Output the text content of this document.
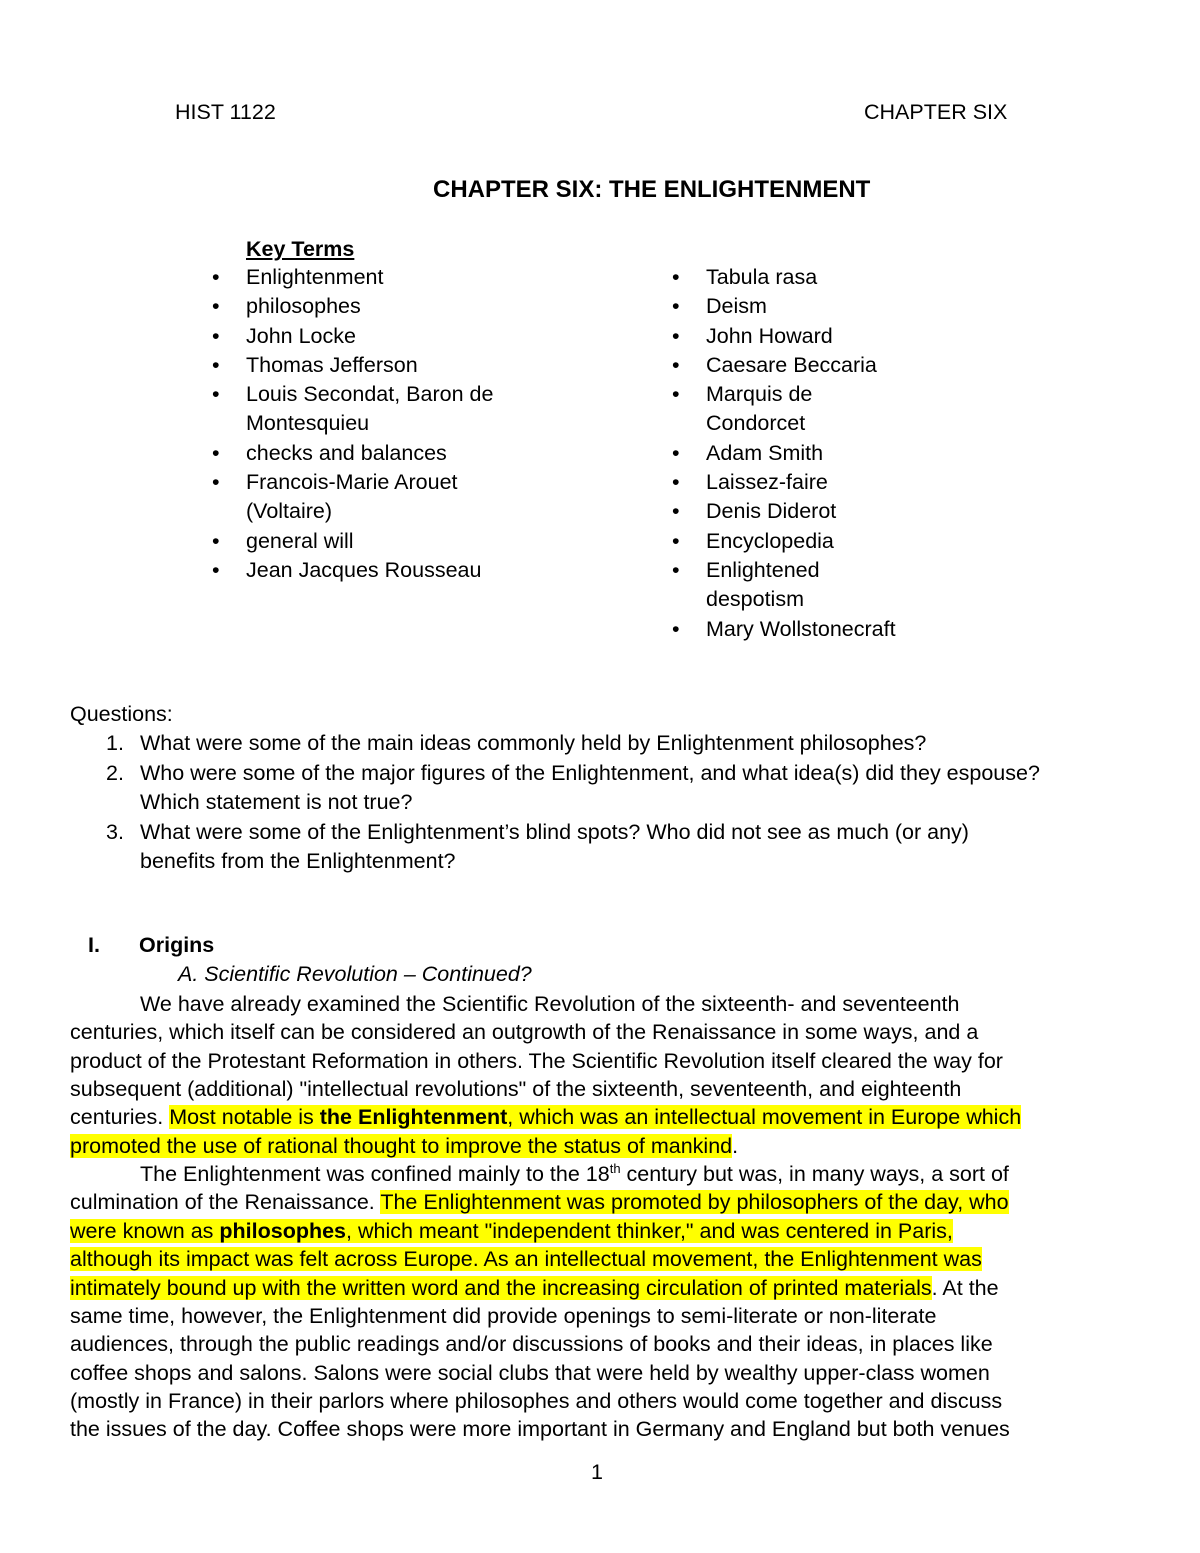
HIST 1122	CHAPTER SIX
CHAPTER SIX: THE ENLIGHTENMENT
Key Terms
• Enlightenment
• philosophes
• John Locke
• Thomas Jefferson
• Louis Secondat, Baron de
Montesquieu
• checks and balances
• Francois-Marie Arouet
(Voltaire)
• general will
• Jean Jacques Rousseau
• Tabula rasa
• Deism
• John Howard
• Caesare Beccaria
• Marquis de
Condorcet
• Adam Smith
• Laissez-faire
• Denis Diderot
• Encyclopedia
• Enlightened
despotism
• Mary Wollstonecraft
Questions:
1. What were some of the main ideas commonly held by Enlightenment philosophes?
2. Who were some of the major figures of the Enlightenment, and what idea(s) did they espouse?
Which statement is not true?
3. What were some of the Enlightenment’s blind spots? Who did not see as much (or any)
benefits from the Enlightenment?
I. Origins
A. Scientific Revolution – Continued?
We have already examined the Scientific Revolution of the sixteenth- and seventeenth
centuries, which itself can be considered an outgrowth of the Renaissance in some ways, and a
product of the Protestant Reformation in others. The Scientific Revolution itself cleared the way for
subsequent (additional) "intellectual revolutions" of the sixteenth, seventeenth, and eighteenth
centuries. Most notable is the Enlightenment, which was an intellectual movement in Europe which
promoted the use of rational thought to improve the status of mankind.
The Enlightenment was confined mainly to the 18th century but was, in many ways, a sort of
culmination of the Renaissance. The Enlightenment was promoted by philosophers of the day, who
were known as philosophes, which meant "independent thinker," and was centered in Paris,
although its impact was felt across Europe. As an intellectual movement, the Enlightenment was
intimately bound up with the written word and the increasing circulation of printed materials. At the
same time, however, the Enlightenment did provide openings to semi-literate or non-literate
audiences, through the public readings and/or discussions of books and their ideas, in places like
coffee shops and salons. Salons were social clubs that were held by wealthy upper-class women
(mostly in France) in their parlors where philosophes and others would come together and discuss
the issues of the day. Coffee shops were more important in Germany and England but both venues
1
